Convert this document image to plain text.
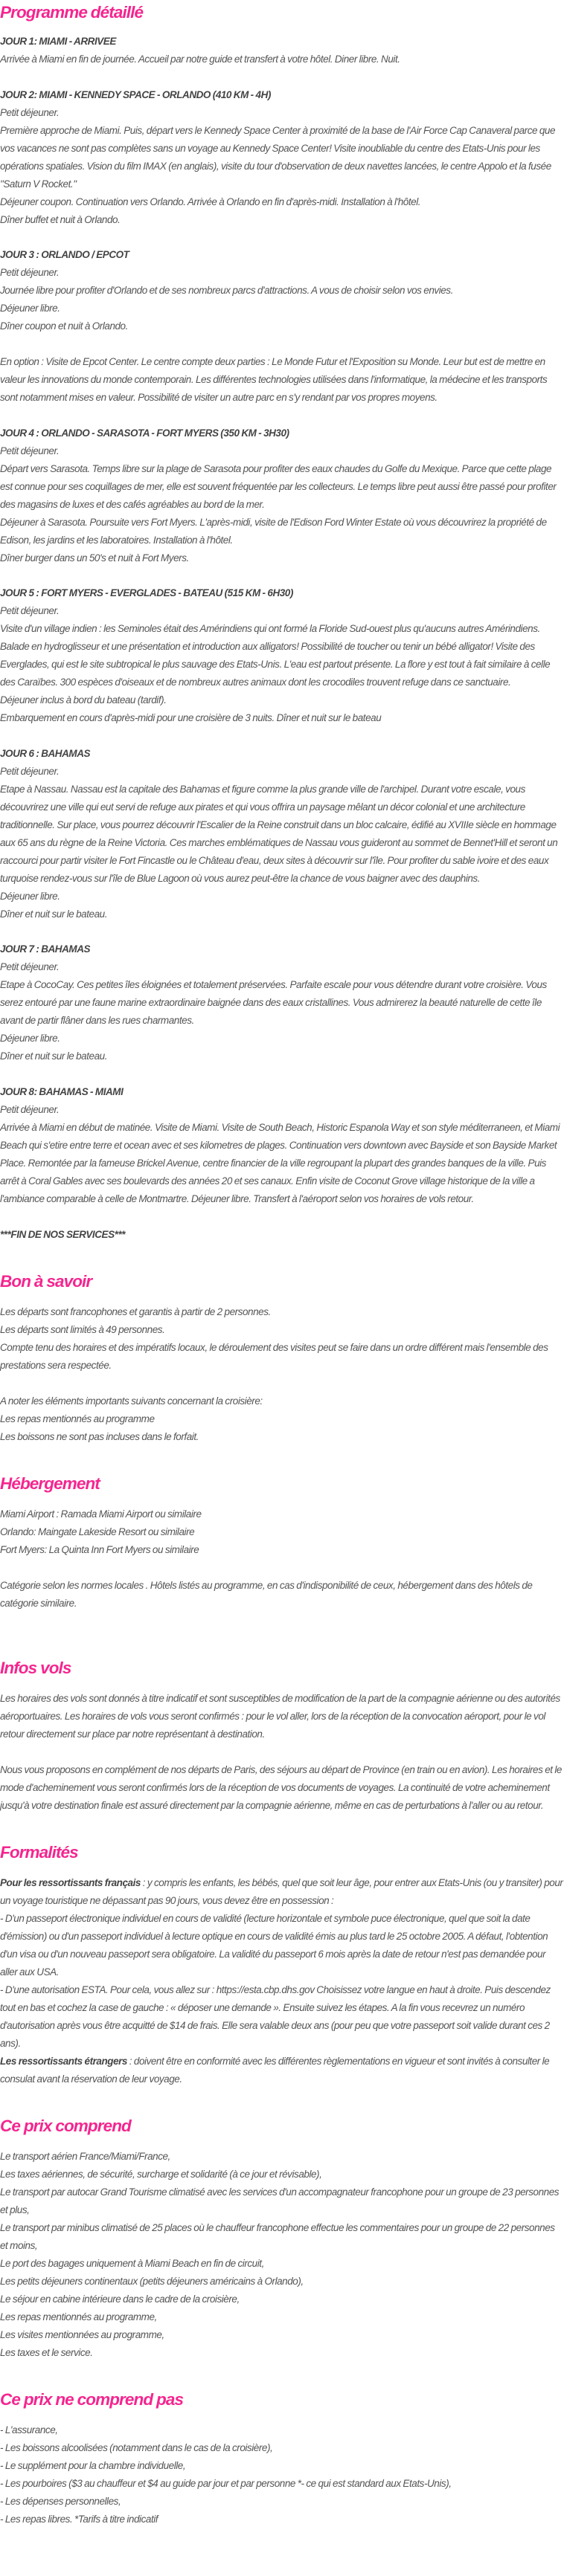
Programme détaillé

JOUR 1: MIAMI - ARRIVEE

Arrivée à Miami en fin de journée. Accueil par notre guide et transfert à votre hôtel. Diner libre. Nuit.

JOUR 2: MIAMI - KENNEDY SPACE - ORLANDO (410 KM - 4H)

Petit déjeuner.

Première approche de Miami. Puis, départ vers le Kennedy Space Center à proximité de la base de l'Air Force Cap Canaveral parce que vos vacances ne sont pas complètes sans un voyage au Kennedy Space Center! Visite inoubliable du centre des Etats-Unis pour les opérations spatiales. Vision du film IMAX (en anglais), visite du tour d'observation de deux navettes lancées, le centre Appolo et la fusée "Saturn V Rocket."

Déjeuner coupon. Continuation vers Orlando. Arrivée à Orlando en fin d'après-midi. Installation à l'hôtel.

Dîner buffet et nuit à Orlando.

JOUR 3 : ORLANDO / EPCOT

Petit déjeuner.

Journée libre pour profiter d'Orlando et de ses nombreux parcs d'attractions. A vous de choisir selon vos envies.

Déjeuner libre.

Dîner coupon et nuit à Orlando.

En option : Visite de Epcot Center. Le centre compte deux parties : Le Monde Futur et l'Exposition su Monde. Leur but est de mettre en valeur les innovations du monde contemporain. Les différentes technologies utilisées dans l'informatique, la médecine et les transports sont notamment mises en valeur. Possibilité de visiter un autre parc en s'y rendant par vos propres moyens.

JOUR 4 : ORLANDO - SARASOTA - FORT MYERS (350 KM - 3H30)

Petit déjeuner.

Départ vers Sarasota. Temps libre sur la plage de Sarasota pour profiter des eaux chaudes du Golfe du Mexique. Parce que cette plage est connue pour ses coquillages de mer, elle est souvent fréquentée par les collecteurs. Le temps libre peut aussi être passé pour profiter des magasins de luxes et des cafés agréables au bord de la mer.

Déjeuner à Sarasota. Poursuite vers Fort Myers. L'après-midi, visite de l'Edison Ford Winter Estate où vous découvrirez la propriété de Edison, les jardins et les laboratoires. Installation à l'hôtel.

Dîner burger dans un 50's et nuit à Fort Myers.

JOUR 5 : FORT MYERS - EVERGLADES - BATEAU (515 KM - 6H30)

Petit déjeuner.

Visite d'un village indien : les Seminoles était des Amérindiens qui ont formé la Floride Sud-ouest plus qu'aucuns autres Amérindiens. Balade en hydroglisseur et une présentation et introduction aux alligators! Possibilité de toucher ou tenir un bébé alligator! Visite des Everglades, qui est le site subtropical le plus sauvage des Etats-Unis. L'eau est partout présente. La flore y est tout à fait similaire à celle des Caraïbes. 300 espèces d'oiseaux et de nombreux autres animaux dont les crocodiles trouvent refuge dans ce sanctuaire.

Déjeuner inclus à bord du bateau (tardif).

Embarquement en cours d'après-midi pour une croisière de 3 nuits. Dîner et nuit sur le bateau

JOUR 6 : BAHAMAS

Petit déjeuner.

Etape à Nassau. Nassau est la capitale des Bahamas et figure comme la plus grande ville de l'archipel. Durant votre escale, vous découvrirez une ville qui eut servi de refuge aux pirates et qui vous offrira un paysage mêlant un décor colonial et une architecture traditionnelle. Sur place, vous pourrez découvrir l'Escalier de la Reine construit dans un bloc calcaire, édifié au XVIIIe siècle en hommage aux 65 ans du règne de la Reine Victoria. Ces marches emblématiques de Nassau vous guideront au sommet de Bennet'Hill et seront un raccourci pour partir visiter le Fort Fincastle ou le Château d'eau, deux sites à découvrir sur l'île. Pour profiter du sable ivoire et des eaux turquoise rendez-vous sur l'île de Blue Lagoon où vous aurez peut-être la chance de vous baigner avec des dauphins.

Déjeuner libre.

Dîner et nuit sur le bateau.

JOUR 7 : BAHAMAS

Petit déjeuner.

Etape à CocoCay. Ces petites îles éloignées et totalement préservées. Parfaite escale pour vous détendre durant votre croisière. Vous serez entouré par une faune marine extraordinaire baignée dans des eaux cristallines. Vous admirerez la beauté naturelle de cette île avant de partir flâner dans les rues charmantes.

Déjeuner libre.

Dîner et nuit sur le bateau.

JOUR 8: BAHAMAS - MIAMI

Petit déjeuner.

Arrivée à Miami en début de matinée. Visite de Miami. Visite de South Beach, Historic Espanola Way et son style méditerraneen, et Miami Beach qui s'etire entre terre et ocean avec et ses kilometres de plages. Continuation vers downtown avec Bayside et son Bayside Market Place. Remontée par la fameuse Brickel Avenue, centre financier de la ville regroupant la plupart des grandes banques de la ville. Puis arrêt à Coral Gables avec ses boulevards des années 20 et ses canaux. Enfin visite de Coconut Grove village historique de la ville a l'ambiance comparable à celle de Montmartre. Déjeuner libre. Transfert à l'aéroport selon vos horaires de vols retour.

***FIN DE NOS SERVICES***

Bon à savoir

Les départs sont francophones et garantis à partir de 2 personnes.

Les départs sont limités à 49 personnes.

Compte tenu des horaires et des impératifs locaux, le déroulement des visites peut se faire dans un ordre différent mais l'ensemble des prestations sera respectée.

A noter les éléments importants suivants concernant la croisière:

Les repas mentionnés au programme

Les boissons ne sont pas incluses dans le forfait.

Hébergement

Miami Airport : Ramada Miami Airport ou similaire

Orlando: Maingate Lakeside Resort ou similaire

Fort Myers: La Quinta Inn Fort Myers ou similaire

Catégorie selon les normes locales . Hôtels listés au programme, en cas d'indisponibilité de ceux, hébergement dans des hôtels de catégorie similaire.

Infos vols

Les horaires des vols sont donnés à titre indicatif et sont susceptibles de modification de la part de la compagnie aérienne ou des autorités aéroportuaires. Les horaires de vols vous seront confirmés : pour le vol aller, lors de la réception de la convocation aéroport, pour le vol retour directement sur place par notre représentant à destination.

Nous vous proposons en complément de nos départs de Paris, des séjours au départ de Province (en train ou en avion). Les horaires et le mode d'acheminement vous seront confirmés lors de la réception de vos documents de voyages. La continuité de votre acheminement jusqu'à votre destination finale est assuré directement par la compagnie aérienne, même en cas de perturbations à l'aller ou au retour.

Formalités

Pour les ressortissants français : y compris les enfants, les bébés, quel que soit leur âge, pour entrer aux Etats-Unis (ou y transiter) pour un voyage touristique ne dépassant pas 90 jours, vous devez être en possession :

- D'un passeport électronique individuel en cours de validité (lecture horizontale et symbole puce électronique, quel que soit la date d'émission) ou d'un passeport individuel à lecture optique en cours de validité émis au plus tard le 25 octobre 2005. A défaut, l'obtention d'un visa ou d'un nouveau passeport sera obligatoire. La validité du passeport 6 mois après la date de retour n'est pas demandée pour aller aux USA.

- D'une autorisation ESTA. Pour cela, vous allez sur : https://esta.cbp.dhs.gov Choisissez votre langue en haut à droite. Puis descendez tout en bas et cochez la case de gauche : « déposer une demande ». Ensuite suivez les étapes. A la fin vous recevrez un numéro d'autorisation après vous être acquitté de $14 de frais. Elle sera valable deux ans (pour peu que votre passeport soit valide durant ces 2 ans).

Les ressortissants étrangers : doivent être en conformité avec les différentes règlementations en vigueur et sont invités à consulter le consulat avant la réservation de leur voyage.

Ce prix comprend

Le transport aérien France/Miami/France,

Les taxes aériennes, de sécurité, surcharge et solidarité (à ce jour et révisable),

Le transport par autocar Grand Tourisme climatisé avec les services d'un accompagnateur francophone pour un groupe de 23 personnes et plus,

Le transport par minibus climatisé de 25 places où le chauffeur francophone effectue les commentaires pour un groupe de 22 personnes et moins,

Le port des bagages uniquement à Miami Beach en fin de circuit,

Les petits déjeuners continentaux (petits déjeuners américains à Orlando),

Le séjour en cabine intérieure dans le cadre de la croisière,

Les repas mentionnés au programme,

Les visites mentionnées au programme,

Les taxes et le service.

Ce prix ne comprend pas

- L'assurance,

- Les boissons alcoolisées (notamment dans le cas de la croisière),

- Le supplément pour la chambre individuelle,

- Les pourboires ($3 au chauffeur et $4 au guide par jour et par personne *- ce qui est standard aux Etats-Unis),

- Les dépenses personnelles,

- Les repas libres. *Tarifs à titre indicatif
